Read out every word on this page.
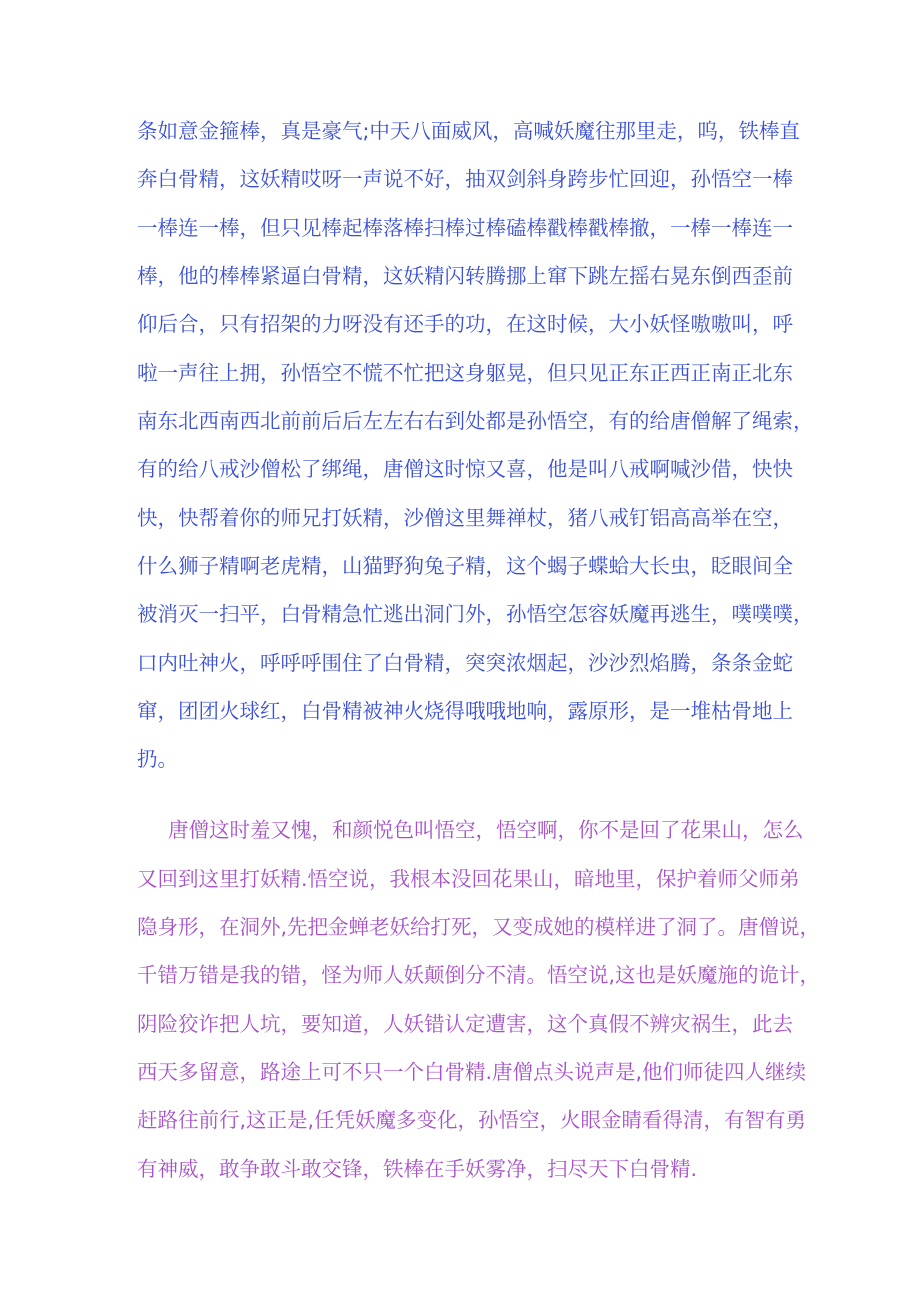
条如意金箍棒，真是豪气;中天八面威风，高喊妖魔往那里走，呜，铁棒直
奔白骨精，这妖精哎呀一声说不好，抽双剑斜身跨步忙回迎，孙悟空一棒
一棒连一棒，但只见棒起棒落棒扫棒过棒磕棒戳棒戳棒撤，一棒一棒连一
棒，他的棒棒紧逼白骨精，这妖精闪转腾挪上窜下跳左摇右晃东倒西歪前
仰后合，只有招架的力呀没有还手的功，在这时候，大小妖怪嗷嗷叫，呼
啦一声往上拥，孙悟空不慌不忙把这身躯晃，但只见正东正西正南正北东
南东北西南西北前前后后左左右右到处都是孙悟空，有的给唐僧解了绳索，
有的给八戒沙僧松了绑绳，唐僧这时惊又喜，他是叫八戒啊喊沙借，快快
快，快帮着你的师兄打妖精，沙僧这里舞禅杖，猪八戒钉铝高高举在空，
什么狮子精啊老虎精，山猫野狗兔子精，这个蝎子蝶蛤大长虫，眨眼间全
被消灭一扫平，白骨精急忙逃出洞门外，孙悟空怎容妖魔再逃生，噗噗噗，
口内吐神火，呼呼呼围住了白骨精，突突浓烟起，沙沙烈焰腾，条条金蛇
窜，团团火球红，白骨精被神火烧得哦哦地响，露原形，是一堆枯骨地上
扔。
唐僧这时羞又愧，和颜悦色叫悟空，悟空啊，你不是回了花果山，怎么
又回到这里打妖精.悟空说，我根本没回花果山，暗地里，保护着师父师弟
隐身形，在洞外,先把金蝉老妖给打死，又变成她的模样进了洞了。唐僧说，
千错万错是我的错，怪为师人妖颠倒分不清。悟空说,这也是妖魔施的诡计，
阴险狡诈把人坑，要知道，人妖错认定遭害，这个真假不辨灾祸生，此去
西天多留意，路途上可不只一个白骨精.唐僧点头说声是,他们师徒四人继续
赶路往前行,这正是,任凭妖魔多变化，孙悟空，火眼金睛看得清，有智有勇
有神威，敢争敢斗敢交锋，铁棒在手妖雾净，扫尽天下白骨精.
